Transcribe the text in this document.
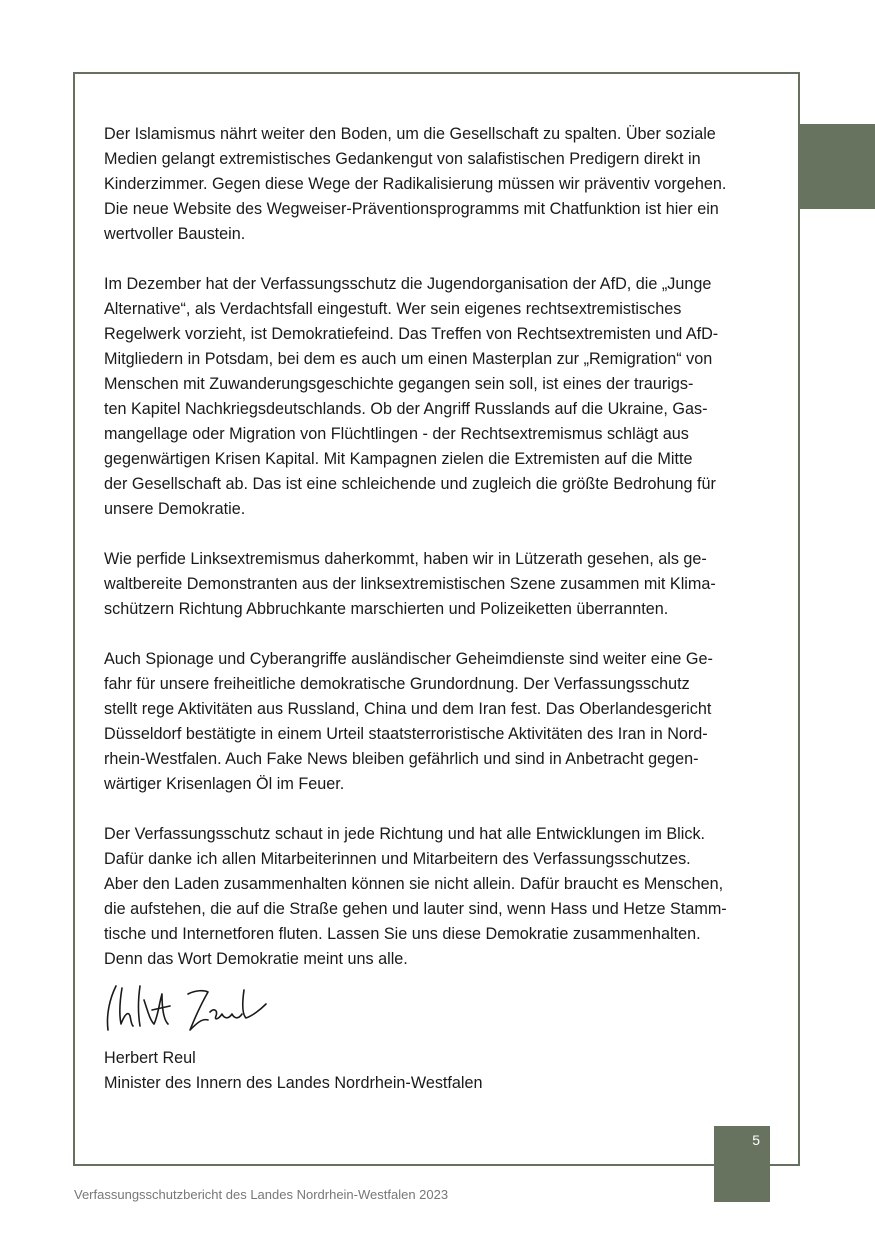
Der Islamismus nährt weiter den Boden, um die Gesellschaft zu spalten. Über soziale
Medien gelangt extremistisches Gedankengut von salafistischen Predigern direkt in
Kinderzimmer. Gegen diese Wege der Radikalisierung müssen wir präventiv vorgehen.
Die neue Website des Wegweiser-Präventionsprogramms mit Chatfunktion ist hier ein
wertvoller Baustein.

Im Dezember hat der Verfassungsschutz die Jugendorganisation der AfD, die „Junge
Alternative“, als Verdachtsfall eingestuft. Wer sein eigenes rechtsextremistisches
Regelwerk vorzieht, ist Demokratiefeind. Das Treffen von Rechtsextremisten und AfD-
Mitgliedern in Potsdam, bei dem es auch um einen Masterplan zur „Remigration“ von
Menschen mit Zuwanderungsgeschichte gegangen sein soll, ist eines der traurigs-
ten Kapitel Nachkriegsdeutschlands. Ob der Angriff Russlands auf die Ukraine, Gas-
mangellage oder Migration von Flüchtlingen - der Rechtsextremismus schlägt aus
gegenwärtigen Krisen Kapital. Mit Kampagnen zielen die Extremisten auf die Mitte
der Gesellschaft ab. Das ist eine schleichende und zugleich die größte Bedrohung für
unsere Demokratie.

Wie perfide Linksextremismus daherkommt, haben wir in Lützerath gesehen, als ge-
waltbereite Demonstranten aus der linksextremistischen Szene zusammen mit Klima-
schützern Richtung Abbruchkante marschierten und Polizeiketten überrannten.

Auch Spionage und Cyberangriffe ausländischer Geheimdienste sind weiter eine Ge-
fahr für unsere freiheitliche demokratische Grundordnung. Der Verfassungsschutz
stellt rege Aktivitäten aus Russland, China und dem Iran fest. Das Oberlandesgericht
Düsseldorf bestätigte in einem Urteil staatsterroristische Aktivitäten des Iran in Nord-
rhein-Westfalen. Auch Fake News bleiben gefährlich und sind in Anbetracht gegen-
wärtiger Krisenlagen Öl im Feuer.

Der Verfassungsschutz schaut in jede Richtung und hat alle Entwicklungen im Blick.
Dafür danke ich allen Mitarbeiterinnen und Mitarbeitern des Verfassungsschutzes.
Aber den Laden zusammenhalten können sie nicht allein. Dafür braucht es Menschen,
die aufstehen, die auf die Straße gehen und lauter sind, wenn Hass und Hetze Stamm-
tische und Internetforen fluten. Lassen Sie uns diese Demokratie zusammenhalten.
Denn das Wort Demokratie meint uns alle.

Herbert Reul
Minister des Innern des Landes Nordrhein-Westfalen
5
Verfassungsschutzbericht des Landes Nordrhein-Westfalen 2023
